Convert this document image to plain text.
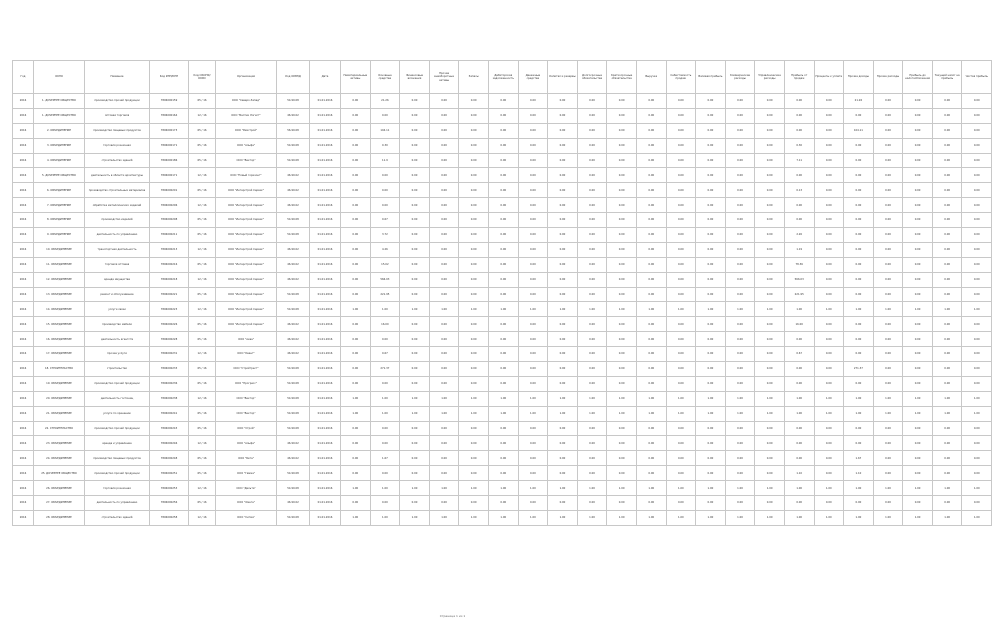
Год	ОКПО	Название	Код ИНН/КПП	Код ОКОПФ/ОКФС	Организация	Код ОКВЭД	Дата	Нематериальные активы	Основные средства	Финансовые вложения	Прочие внеоборотные активы	Запасы	Дебиторская задолженность	Денежные средства	Капитал и резервы	Долгосрочные обязательства	Краткосрочные обязательства	Выручка	Себестоимость продаж	Валовая прибыль	Коммерческие расходы	Управленческие расходы	Прибыль от продаж	Проценты к уплате	Прочие доходы	Прочие расходы	Прибыль до налогообложения	Текущий налог на прибыль	Чистая прибыль
2016	1. ДОЧЕРНЕЕ ОБЩЕСТВО	производство прочей продукции	7806000159	65 / 16	ООО "Северо-Запад"	54.99.08	01.01.2016	0.00	21.26	0.00	0.00	0.00	0.00	0.00	0.00	0.00	0.00	0.00	0.00	0.00	0.00	0.00	0.00	0.00	21.26	0.00	0.00	0.00	0.00
2016	1. ДОЧЕРНЕЕ ОБЩЕСТВО	оптовая торговля	7806000164	12 / 16	ООО "Балтик Логист"	46.99.02	01.01.2016	0.00	0.00	0.00	0.00	0.00	0.00	0.00	0.00	0.00	0.00	0.00	0.00	0.00	0.00	0.00	0.00	0.00	0.00	0.00	0.00	0.00	0.00
2016	2. ОБЪЕДИНЕНИЕ	производство пищевых продуктов	7806000173	65 / 16	ООО "Ремстрой"	56.99.08	01.01.2016	0.00	104.11	0.00	0.00	0.00	0.00	0.00	0.00	0.00	0.00	0.00	0.00	0.00	0.00	0.00	0.00	0.00	104.11	0.00	0.00	0.00	0.00
2016	3. ОБЪЕДИНЕНИЕ	торговля розничная	7806000171	65 / 16	ООО "Альфа"	54.99.08	01.01.2016	0.00	0.30	0.00	0.00	0.00	0.00	0.00	0.00	0.00	0.00	0.00	0.00	0.00	0.00	0.00	0.30	0.00	0.00	0.00	0.00	0.00	0.00
2016	4. ОБЪЕДИНЕНИЕ	строительство зданий	7806000186	65 / 16	ООО "Вектор"	54.99.08	01.01.2016	0.00	11.9	0.00	0.00	0.00	0.00	0.00	0.00	0.00	0.00	0.00	0.00	0.00	0.00	0.00	7.11	0.00	0.00	0.00	0.00	0.00	0.00
2016	5. ДОЧЕРНЕЕ ОБЩЕСТВО	деятельность в области архитектуры	7806000171	12 / 16	ООО "Новый горизонт"	46.99.02	01.01.2016	0.00	0.00	0.00	0.00	0.00	0.00	0.00	0.00	0.00	0.00	0.00	0.00	0.00	0.00	0.00	0.00	0.00	0.00	0.00	0.00	0.00	0.00
2016	6. ОБЪЕДИНЕНИЕ	производство строительных материалов	7806000201	65 / 16	ООО "Интерстрой Сервис"	46.99.02	01.01.2016	0.00	0.00	0.00	0.00	0.00	0.00	0.00	0.00	0.00	0.00	0.00	0.00	0.00	0.00	0.00	0.13	0.00	0.00	0.00	0.00	0.00	0.00
2016	7. ОБЪЕДИНЕНИЕ	обработка металлических изделий	7806000206	12 / 16	ООО "Интерстрой Сервис"	46.99.02	01.01.2016	0.00	0.00	0.00	0.00	0.00	0.00	0.00	0.00	0.00	0.00	0.00	0.00	0.00	0.00	0.00	0.00	0.00	0.00	0.00	0.00	0.00	0.00
2016	8. ОБЪЕДИНЕНИЕ	производство изделий	7806000208	65 / 16	ООО "Интерстрой Сервис"	54.99.08	01.01.2016	0.00	0.67	0.00	0.00	0.00	0.00	0.00	0.00	0.00	0.00	0.00	0.00	0.00	0.00	0.00	0.00	0.00	0.00	0.00	0.00	0.00	0.00
2016	9. ОБЪЕДИНЕНИЕ	деятельность по управлению	7806000211	65 / 16	ООО "Интерстрой Сервис"	54.99.08	01.01.2016	0.00	3.72	0.00	0.00	0.00	0.00	0.00	0.00	0.00	0.00	0.00	0.00	0.00	0.00	0.00	2.26	0.00	0.00	0.00	0.00	0.00	0.00
2016	10. ОБЪЕДИНЕНИЕ	транспортная деятельность	7806000213	12 / 16	ООО "Интерстрой Сервис"	46.99.02	01.01.2016	0.00	4.26	0.00	0.00	0.00	0.00	0.00	0.00	0.00	0.00	0.00	0.00	0.00	0.00	0.00	1.19	0.00	0.00	0.00	0.00	0.00	0.00
2016	11. ОБЪЕДИНЕНИЕ	торговля оптовая	7806000216	65 / 16	ООО "Интерстрой Сервис"	46.99.02	01.01.2016	0.00	15.02	0.00	0.00	0.00	0.00	0.00	0.00	0.00	0.00	0.00	0.00	0.00	0.00	0.00	78.36	0.00	0.00	0.00	0.00	0.00	0.00
2016	12. ОБЪЕДИНЕНИЕ	аренда имущества	7806000218	12 / 16	ООО "Интерстрой Сервис"	46.99.02	01.01.2016	0.00	566.03	0.00	0.00	0.00	0.00	0.00	0.00	0.00	0.00	0.00	0.00	0.00	0.00	0.00	566.03	0.00	0.00	0.00	0.00	0.00	0.00
2016	13. ОБЪЕДИНЕНИЕ	ремонт и обслуживание	7806000221	65 / 16	ООО "Интерстрой Сервис"	54.99.08	01.01.2016	0.00	221.95	0.00	0.00	0.00	0.00	0.00	0.00	0.00	0.00	0.00	0.00	0.00	0.00	0.00	221.95	0.00	0.00	0.00	0.00	0.00	0.00
2016	14. ОБЪЕДИНЕНИЕ	услуги связи	7806000223	12 / 16	ООО "Интерстрой Сервис"	54.99.08	01.01.2016	1.00	1.00	1.00	1.00	1.00	1.00	1.00	1.00	1.00	1.00	1.00	1.00	1.00	1.00	1.00	1.00	1.00	1.00	1.00	1.00	1.00	1.00
2016	15. ОБЪЕДИНЕНИЕ	производство мебели	7806000226	65 / 16	ООО "Интерстрой Сервис"	46.99.02	01.01.2016	0.00	16.00	0.00	0.00	0.00	0.00	0.00	0.00	0.00	0.00	0.00	0.00	0.00	0.00	0.00	16.00	0.00	0.00	0.00	0.00	0.00	0.00
2016	16. ОБЪЕДИНЕНИЕ	деятельность агентств	7806000228	65 / 16	ООО "Аква"	46.99.02	01.01.2016	0.00	0.00	0.00	0.00	0.00	0.00	0.00	0.00	0.00	0.00	0.00	0.00	0.00	0.00	0.00	0.00	0.00	0.00	0.00	0.00	0.00	0.00
2016	17. ОБЪЕДИНЕНИЕ	прочие услуги	7806000231	12 / 16	ООО "Квант"	46.99.02	01.01.2016	0.00	0.67	0.00	0.00	0.00	0.00	0.00	0.00	0.00	0.00	0.00	0.00	0.00	0.00	0.00	0.67	0.00	0.00	0.00	0.00	0.00	0.00
2016	18. СТРОИТЕЛЬСТВО	строительство	7806000233	65 / 16	ООО "Стройтрест"	54.99.08	01.01.2016	0.00	271.37	0.00	0.00	0.00	0.00	0.00	0.00	0.00	0.00	0.00	0.00	0.00	0.00	0.00	0.00	0.00	271.37	0.00	0.00	0.00	0.00
2016	19. ОБЪЕДИНЕНИЕ	производство прочей продукции	7806000236	65 / 16	ООО "Прогресс"	54.99.08	01.01.2016	0.00	0.00	0.00	0.00	0.00	0.00	0.00	0.00	0.00	0.00	0.00	0.00	0.00	0.00	0.00	0.00	0.00	0.00	0.00	0.00	0.00	0.00
2016	20. ОБЪЕДИНЕНИЕ	деятельность гостиниц	7806000238	12 / 16	ООО "Вектор"	54.99.08	01.01.2016	1.00	1.00	1.00	1.00	1.00	1.00	1.00	1.00	1.00	1.00	1.00	1.00	1.00	1.00	1.00	1.00	1.00	1.00	1.00	1.00	1.00	1.00
2016	21. ОБЪЕДИНЕНИЕ	услуги по хранению	7806000241	65 / 16	ООО "Вектор"	54.99.08	01.01.2016	1.00	1.00	1.00	1.00	1.00	1.00	1.00	1.00	1.00	1.00	1.00	1.00	1.00	1.00	1.00	1.00	1.00	1.00	1.00	1.00	1.00	1.00
2016	22. СТРОИТЕЛЬСТВО	производство прочей продукции	7806000243	65 / 16	ООО "Строй"	54.99.08	01.01.2016	0.00	0.00	0.00	0.00	0.00	0.00	0.00	0.00	0.00	0.00	0.00	0.00	0.00	0.00	0.00	0.00	0.00	0.00	0.00	0.00	0.00	0.00
2016	23. ОБЪЕДИНЕНИЕ	аренда и управление	7806000246	12 / 16	ООО "Альфа"	46.99.02	01.01.2016	0.00	0.00	0.00	0.00	0.00	0.00	0.00	0.00	0.00	0.00	0.00	0.00	0.00	0.00	0.00	0.00	0.00	0.00	0.00	0.00	0.00	0.00
2016	24. ОБЪЕДИНЕНИЕ	производство пищевых продуктов	7806000248	65 / 16	ООО "Бета"	46.99.02	01.01.2016	0.00	1.67	0.00	0.00	0.00	0.00	0.00	0.00	0.00	0.00	0.00	0.00	0.00	0.00	0.00	0.00	0.00	1.67	0.00	0.00	0.00	0.00
2016	25. ДОЧЕРНЕЕ ОБЩЕСТВО	производство прочей продукции	7806000251	65 / 16	ООО "Гамма"	54.99.08	01.01.2016	0.00	0.00	0.00	0.00	0.00	0.00	0.00	0.00	0.00	0.00	0.00	0.00	0.00	0.00	0.00	1.10	0.00	1.10	0.00	0.00	0.00	0.00
2016	26. ОБЪЕДИНЕНИЕ	торговля розничная	7806000253	12 / 16	ООО "Дельта"	54.99.08	01.01.2016	1.00	1.00	1.00	1.00	1.00	1.00	1.00	1.00	1.00	1.00	1.00	1.00	1.00	1.00	1.00	1.00	1.00	1.00	1.00	1.00	1.00	1.00
2016	27. ОБЪЕДИНЕНИЕ	деятельность по управлению	7806000256	65 / 16	ООО "Омега"	46.99.02	01.01.2016	0.00	0.00	0.00	0.00	0.00	0.00	0.00	0.00	0.00	0.00	0.00	0.00	0.00	0.00	0.00	0.00	0.00	0.00	0.00	0.00	0.00	0.00
2016	28. ОБЪЕДИНЕНИЕ	строительство зданий	7806000258	12 / 16	ООО "Сигма"	54.99.08	01.01.2016	1.00	1.00	1.00	1.00	1.00	1.00	1.00	1.00	1.00	1.00	1.00	1.00	1.00	1.00	1.00	1.00	1.00	1.00	1.00	1.00	1.00	1.00
Страница 1 из 1
